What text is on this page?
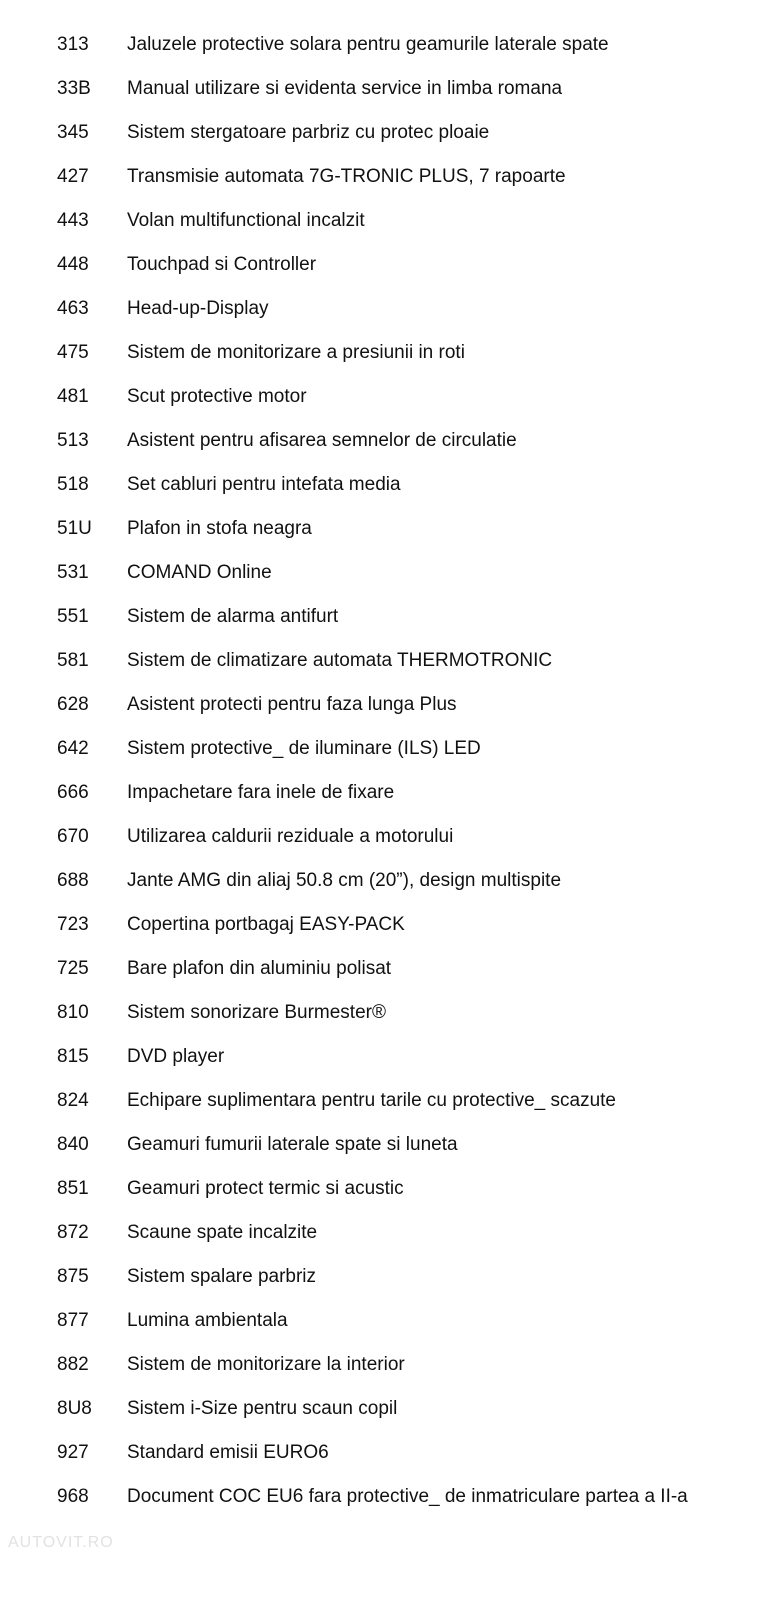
313	Jaluzele protective solara pentru geamurile laterale spate
33B	Manual utilizare si evidenta service in limba romana
345	Sistem stergatoare parbriz cu protec ploaie
427	Transmisie automata 7G-TRONIC PLUS, 7 rapoarte
443	Volan multifunctional incalzit
448	Touchpad si Controller
463	Head-up-Display
475	Sistem de monitorizare a presiunii in roti
481	Scut protective motor
513	Asistent pentru afisarea semnelor de circulatie
518	Set cabluri pentru intefata media
51U	Plafon in stofa neagra
531	COMAND Online
551	Sistem de alarma antifurt
581	Sistem de climatizare automata THERMOTRONIC
628	Asistent protecti pentru faza lunga Plus
642	Sistem protective_ de iluminare (ILS) LED
666	Impachetare fara inele de fixare
670	Utilizarea caldurii reziduale a motorului
688	Jante AMG din aliaj 50.8 cm (20”), design multispite
723	Copertina portbagaj EASY-PACK
725	Bare plafon din aluminiu polisat
810	Sistem sonorizare Burmester®
815	DVD player
824	Echipare suplimentara pentru tarile cu protective_ scazute
840	Geamuri fumurii laterale spate si luneta
851	Geamuri protect termic si acustic
872	Scaune spate incalzite
875	Sistem spalare parbriz
877	Lumina ambientala
882	Sistem de monitorizare la interior
8U8	Sistem i-Size pentru scaun copil
927	Standard emisii EURO6
968	Document COC EU6 fara protective_ de inmatriculare partea a II-a
AUTOVIT.RO
